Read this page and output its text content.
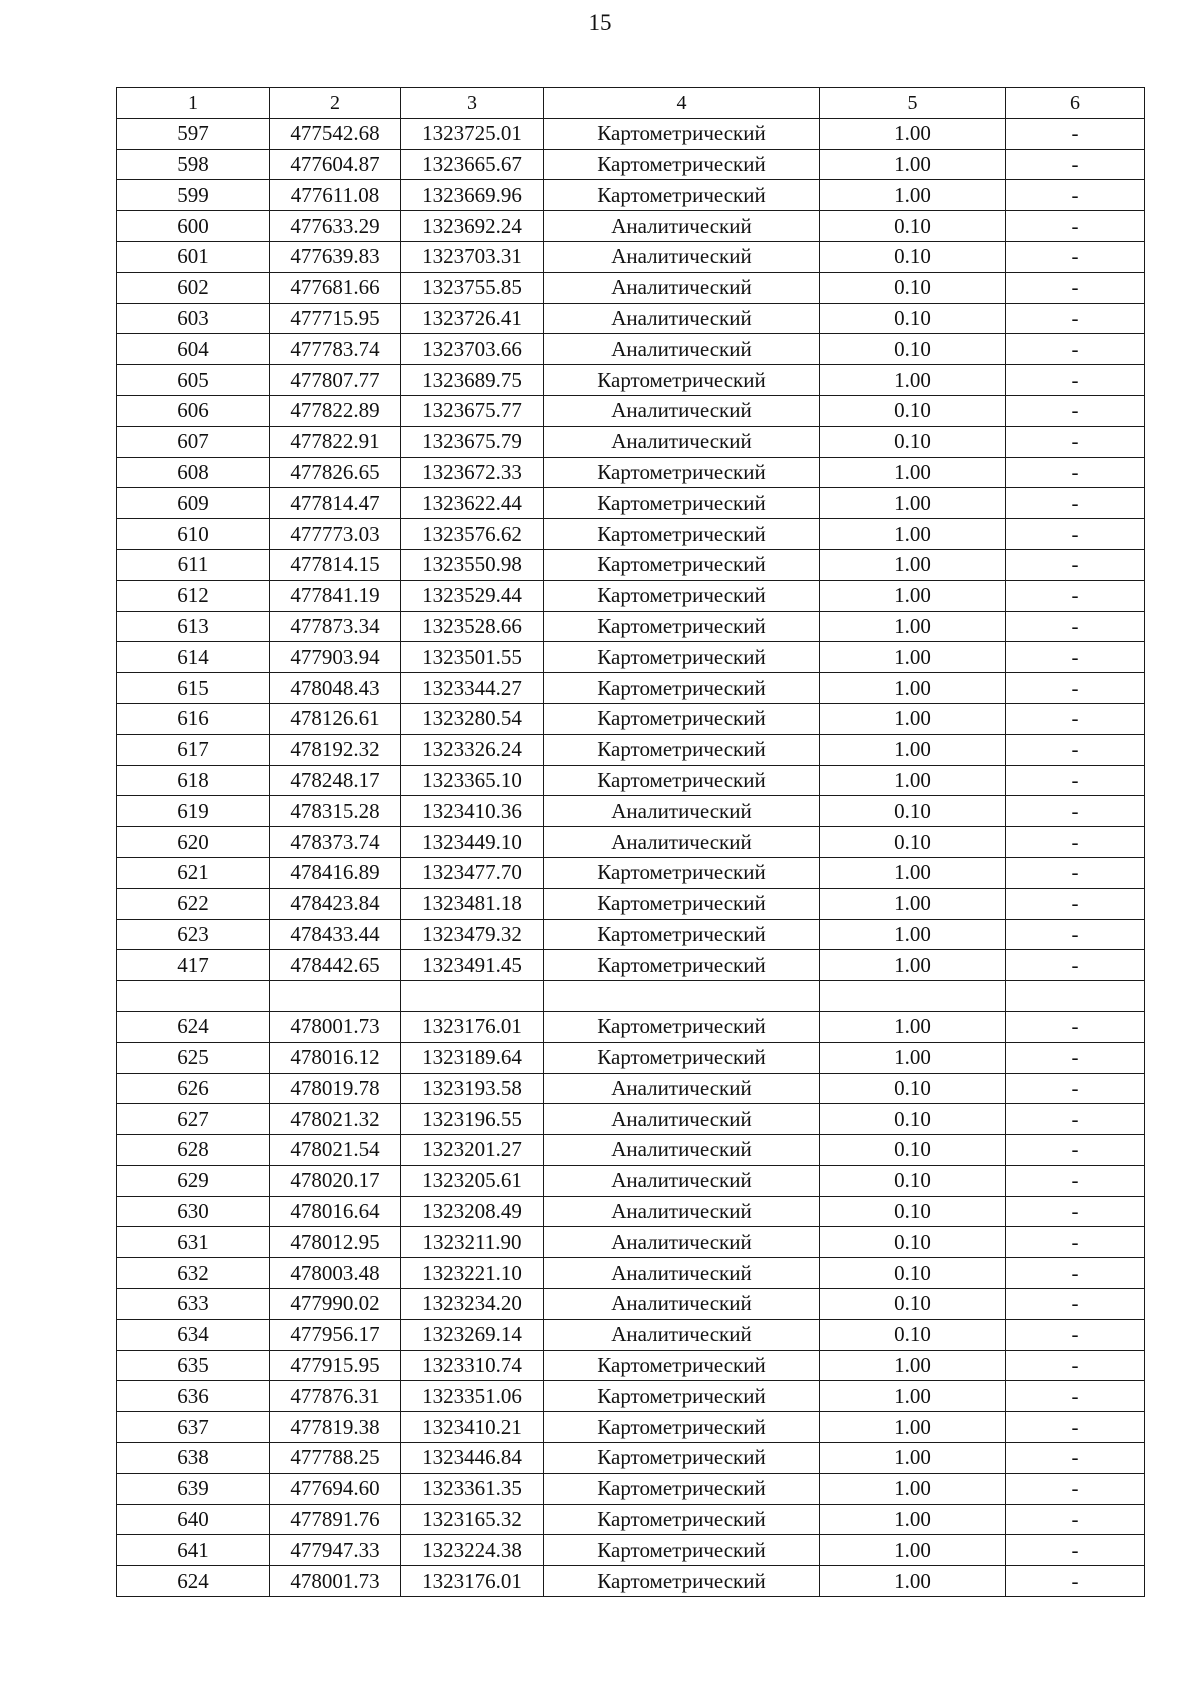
15
1	2	3	4	5	6
597	477542.68	1323725.01	Картометрический	1.00	-
598	477604.87	1323665.67	Картометрический	1.00	-
599	477611.08	1323669.96	Картометрический	1.00	-
600	477633.29	1323692.24	Аналитический	0.10	-
601	477639.83	1323703.31	Аналитический	0.10	-
602	477681.66	1323755.85	Аналитический	0.10	-
603	477715.95	1323726.41	Аналитический	0.10	-
604	477783.74	1323703.66	Аналитический	0.10	-
605	477807.77	1323689.75	Картометрический	1.00	-
606	477822.89	1323675.77	Аналитический	0.10	-
607	477822.91	1323675.79	Аналитический	0.10	-
608	477826.65	1323672.33	Картометрический	1.00	-
609	477814.47	1323622.44	Картометрический	1.00	-
610	477773.03	1323576.62	Картометрический	1.00	-
611	477814.15	1323550.98	Картометрический	1.00	-
612	477841.19	1323529.44	Картометрический	1.00	-
613	477873.34	1323528.66	Картометрический	1.00	-
614	477903.94	1323501.55	Картометрический	1.00	-
615	478048.43	1323344.27	Картометрический	1.00	-
616	478126.61	1323280.54	Картометрический	1.00	-
617	478192.32	1323326.24	Картометрический	1.00	-
618	478248.17	1323365.10	Картометрический	1.00	-
619	478315.28	1323410.36	Аналитический	0.10	-
620	478373.74	1323449.10	Аналитический	0.10	-
621	478416.89	1323477.70	Картометрический	1.00	-
622	478423.84	1323481.18	Картометрический	1.00	-
623	478433.44	1323479.32	Картометрический	1.00	-
417	478442.65	1323491.45	Картометрический	1.00	-

624	478001.73	1323176.01	Картометрический	1.00	-
625	478016.12	1323189.64	Картометрический	1.00	-
626	478019.78	1323193.58	Аналитический	0.10	-
627	478021.32	1323196.55	Аналитический	0.10	-
628	478021.54	1323201.27	Аналитический	0.10	-
629	478020.17	1323205.61	Аналитический	0.10	-
630	478016.64	1323208.49	Аналитический	0.10	-
631	478012.95	1323211.90	Аналитический	0.10	-
632	478003.48	1323221.10	Аналитический	0.10	-
633	477990.02	1323234.20	Аналитический	0.10	-
634	477956.17	1323269.14	Аналитический	0.10	-
635	477915.95	1323310.74	Картометрический	1.00	-
636	477876.31	1323351.06	Картометрический	1.00	-
637	477819.38	1323410.21	Картометрический	1.00	-
638	477788.25	1323446.84	Картометрический	1.00	-
639	477694.60	1323361.35	Картометрический	1.00	-
640	477891.76	1323165.32	Картометрический	1.00	-
641	477947.33	1323224.38	Картометрический	1.00	-
624	478001.73	1323176.01	Картометрический	1.00	-
